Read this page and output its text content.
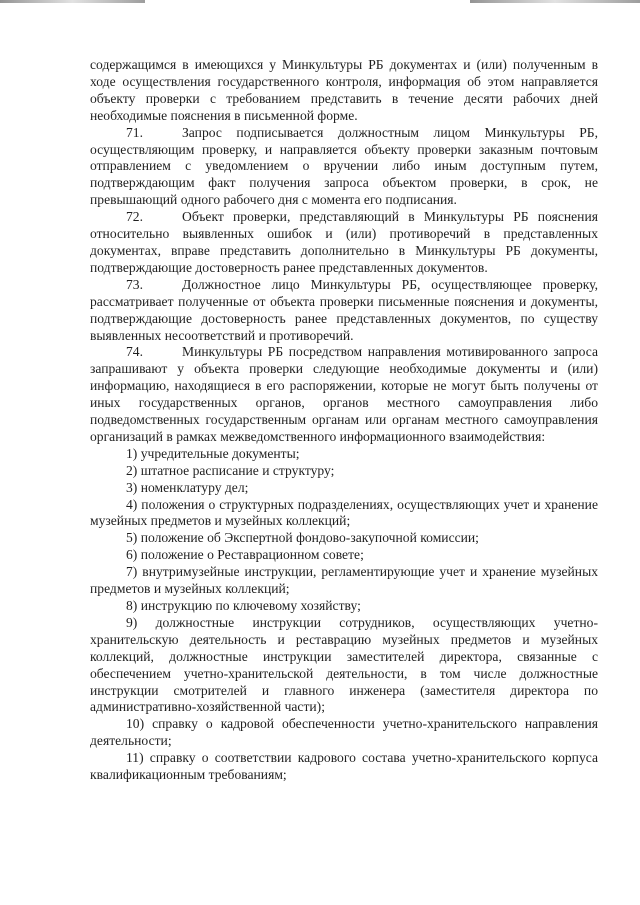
содержащимся в имеющихся у Минкультуры РБ документах и (или) полученным в ходе осуществления государственного контроля, информация об этом направляется объекту проверки с требованием представить в течение десяти рабочих дней необходимые пояснения в письменной форме.

71.	Запрос подписывается должностным лицом Минкультуры РБ, осуществляющим проверку, и направляется объекту проверки заказным почтовым отправлением с уведомлением о вручении либо иным доступным путем, подтверждающим факт получения запроса объектом проверки, в срок, не превышающий одного рабочего дня с момента его подписания.

72.	Объект проверки, представляющий в Минкультуры РБ пояснения относительно выявленных ошибок и (или) противоречий в представленных документах, вправе представить дополнительно в Минкультуры РБ документы, подтверждающие достоверность ранее представленных документов.

73.	Должностное лицо Минкультуры РБ, осуществляющее проверку, рассматривает полученные от объекта проверки письменные пояснения и документы, подтверждающие достоверность ранее представленных документов, по существу выявленных несоответствий и противоречий.

74.	Минкультуры РБ посредством направления мотивированного запроса запрашивают у объекта проверки следующие необходимые документы и (или) информацию, находящиеся в его распоряжении, которые не могут быть получены от иных государственных органов, органов местного самоуправления либо подведомственных государственным органам или органам местного самоуправления организаций в рамках межведомственного информационного взаимодействия:

1) учредительные документы;

2) штатное расписание и структуру;

3) номенклатуру дел;

4) положения о структурных подразделениях, осуществляющих учет и хранение музейных предметов и музейных коллекций;

5) положение об Экспертной фондово-закупочной комиссии;

6) положение о Реставрационном совете;

7) внутримузейные инструкции, регламентирующие учет и хранение музейных предметов и музейных коллекций;

8) инструкцию по ключевому хозяйству;

9) должностные инструкции сотрудников, осуществляющих учетно-хранительскую деятельность и реставрацию музейных предметов и музейных коллекций, должностные инструкции заместителей директора, связанные с обеспечением учетно-хранительской деятельности, в том числе должностные инструкции смотрителей и главного инженера (заместителя директора по административно-хозяйственной части);

10) справку о кадровой обеспеченности учетно-хранительского направления деятельности;

11) справку о соответствии кадрового состава учетно-хранительского корпуса квалификационным требованиям;
